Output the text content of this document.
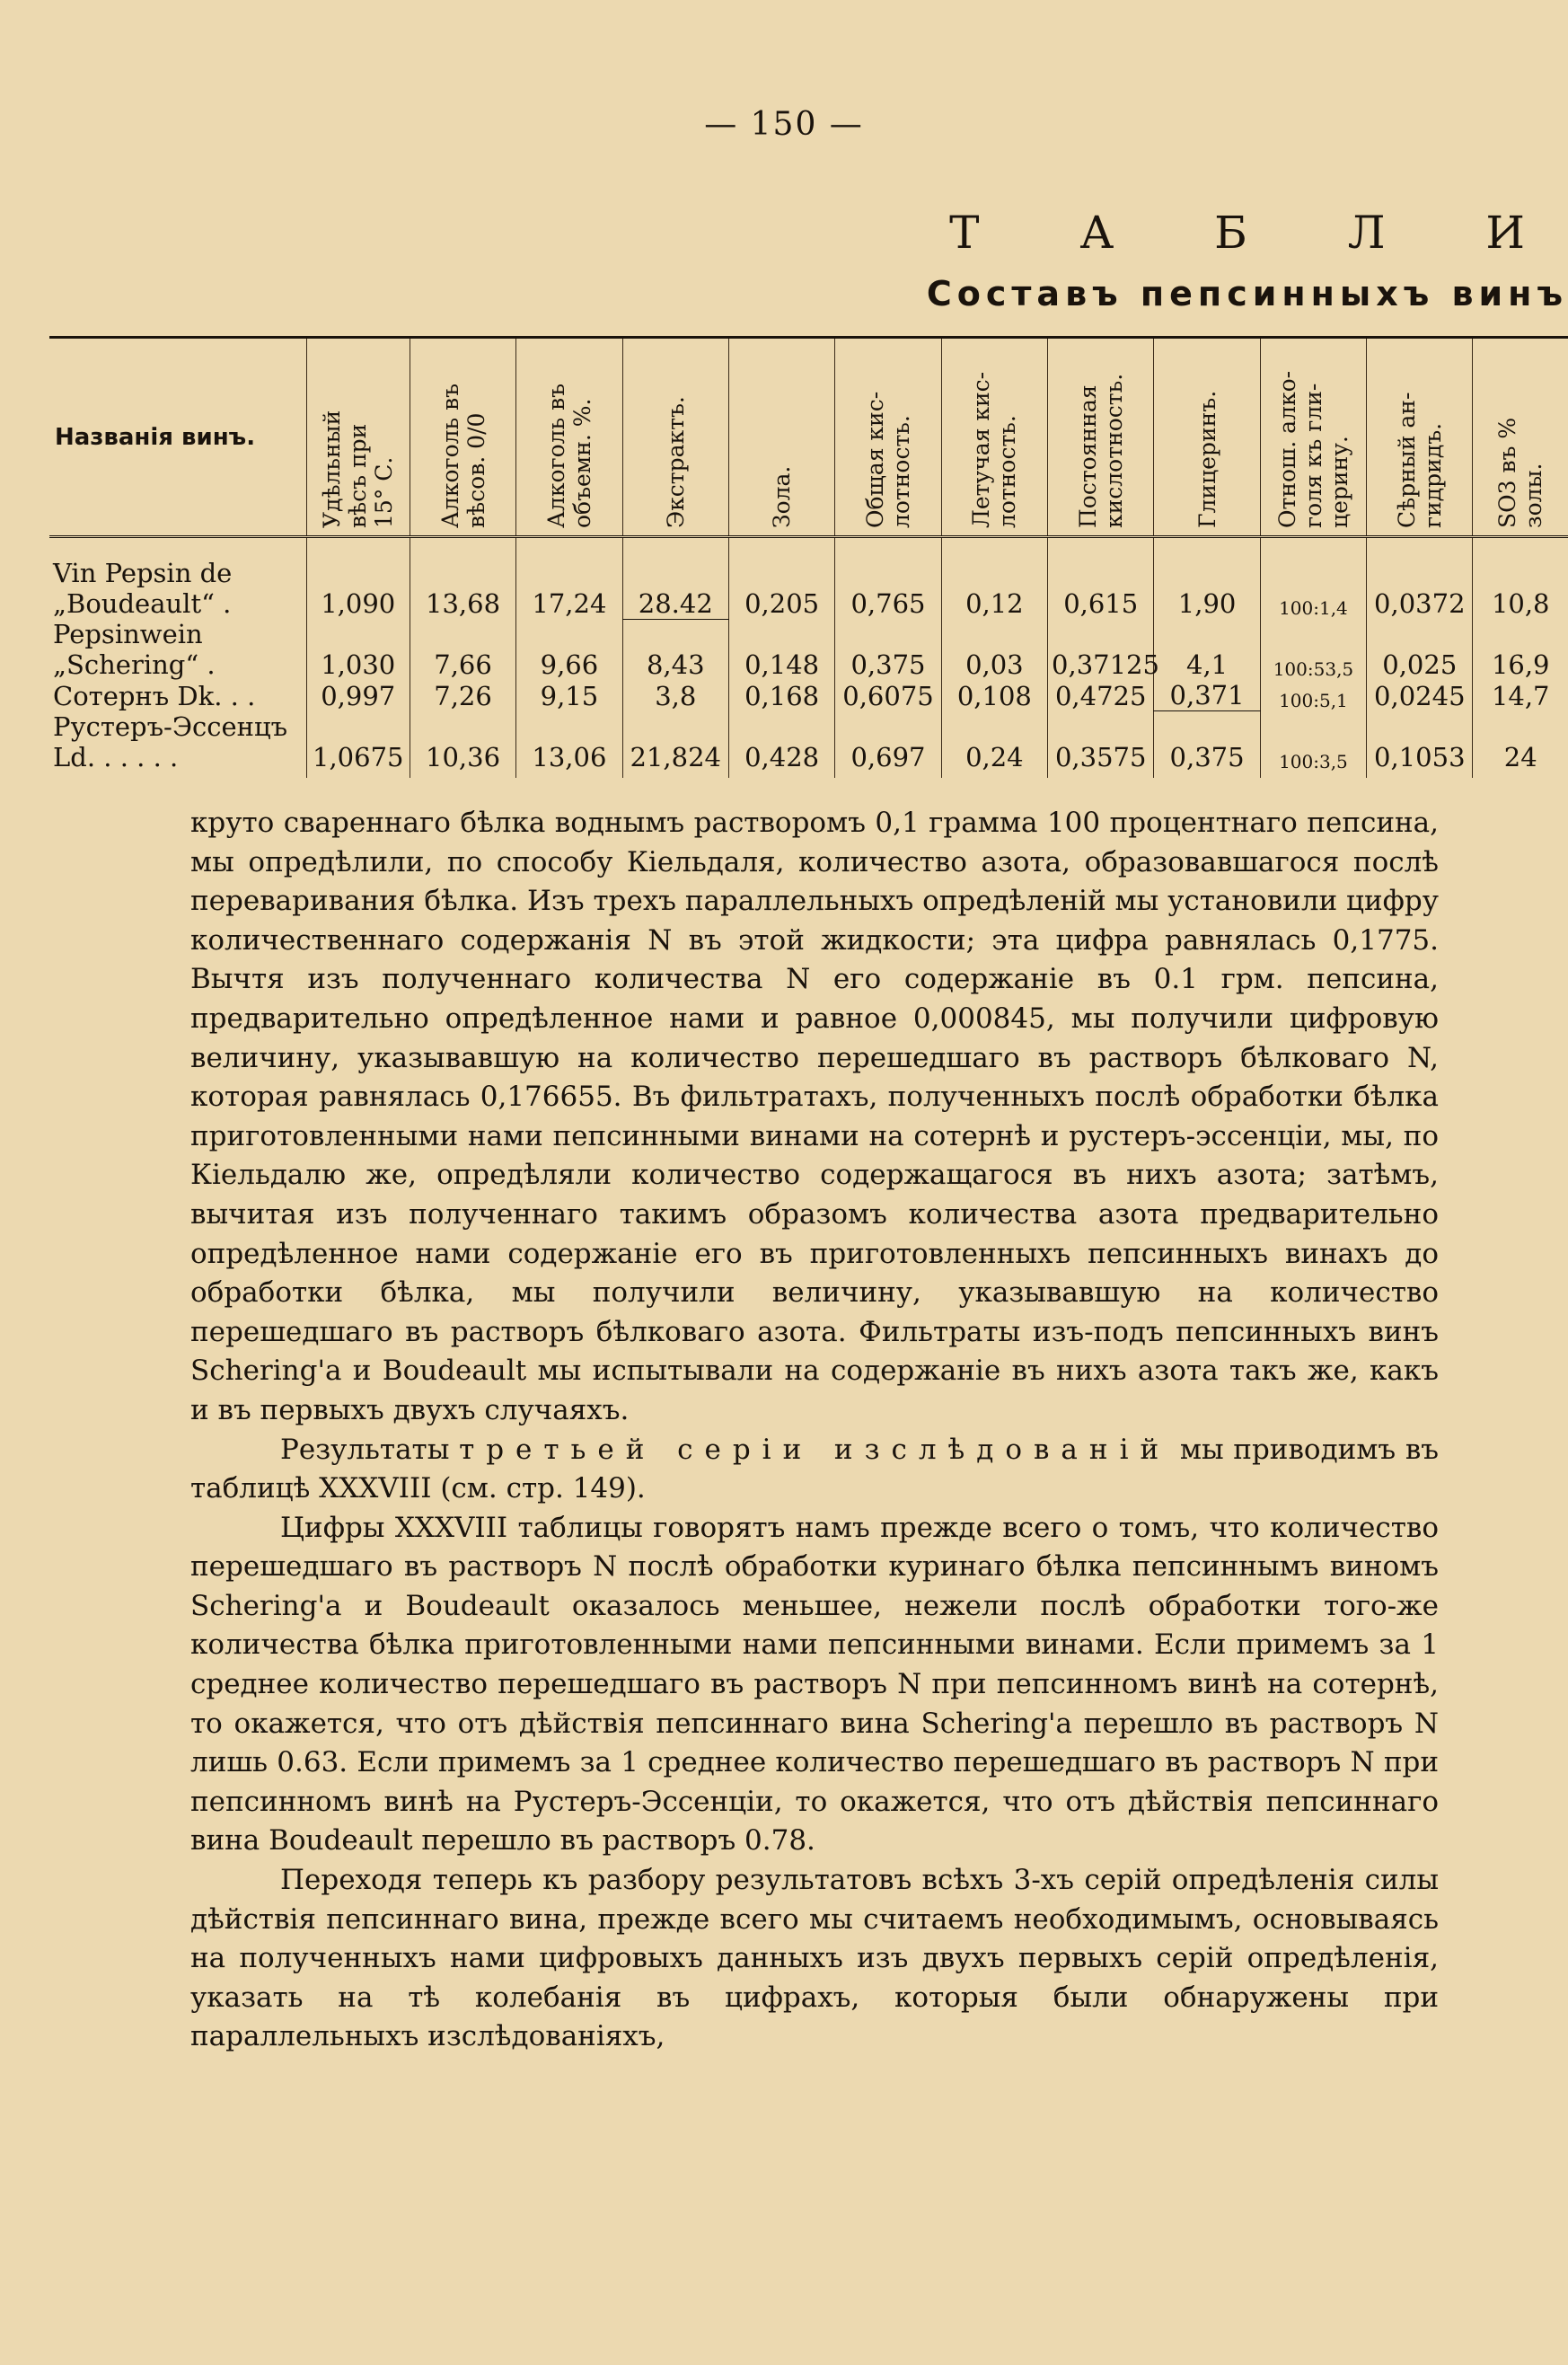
— 150 —
Т А Б Л И
Составъ пепсинныхъ винъ
Названія винъ.	Удѣльный
вѣсъ при
15° С.	Алкоголь въ
вѣсов. 0/0	Алкоголь въ
объемн. %.	Экстрактъ.	Зола.	Общая кис-
лотность.	Летучая кис-
лотность.	Постоянная
кислотность.	Глицеринъ.	Отнош. алко-
голя къ гли-
церину.	Сѣрный ан-
гидридъ.	SO3 въ %
золы.
Vin Pepsin de „Boudeault“ .	1,090	13,68	17,24	28.42	0,205	0,765	0,12	0,615	1,90	100:1,4	0,0372	10,8
Pepsinwein „Schering“ .	1,030	7,66	9,66	8,43	0,148	0,375	0,03	0,37125	4,1	100:53,5	0,025	16,9
Сотернъ Dk. . .	0,997	7,26	9,15	3,8	0,168	0,6075	0,108	0,4725	0,371	100:5,1	0,0245	14,7
Рустеръ-Эссенцъ Ld. . . . . .	1,0675	10,36	13,06	21,824	0,428	0,697	0,24	0,3575	0,375	100:3,5	0,1053	24

круто свареннаго бѣлка воднымъ растворомъ 0,1 грамма 100 процентнаго пепсина, мы опредѣлили, по способу Кіельдаля, количество азота, образовавшагося послѣ переваривания бѣлка. Изъ трехъ параллельныхъ опредѣленій мы установили цифру количественнаго содержанія N въ этой жидкости; эта цифра равнялась 0,1775. Вычтя изъ полученнаго количества N его содержаніе въ 0.1 грм. пепсина, предварительно опредѣленное нами и равное 0,000845, мы получили цифровую величину, указывавшую на количество перешедшаго въ растворъ бѣлковаго N, которая равнялась 0,176655. Въ фильтратахъ, полученныхъ послѣ обработки бѣлка приготовленными нами пепсинными винами на сотернѣ и рустеръ-эссенціи, мы, по Кіельдалю же, опредѣляли количество содержащагося въ нихъ азота; затѣмъ, вычитая изъ полученнаго такимъ образомъ количества азота предварительно опредѣленное нами содержаніе его въ приготовленныхъ пепсинныхъ винахъ до обработки бѣлка, мы получили величину, указывавшую на количество перешедшаго въ растворъ бѣлковаго азота. Фильтраты изъ-подъ пепсинныхъ винъ Schering'а и Boudeault мы испытывали на содержаніе въ нихъ азота такъ же, какъ и въ первыхъ двухъ случаяхъ.

Результаты третьей серіи изслѣдованій мы приводимъ въ таблицѣ XXXVIII (см. стр. 149).

Цифры XXXVIII таблицы говорятъ намъ прежде всего о томъ, что количество перешедшаго въ растворъ N послѣ обработки куринаго бѣлка пепсиннымъ виномъ Schering'а и Boudeault оказалось меньшее, нежели послѣ обработки того-же количества бѣлка приготовленными нами пепсинными винами. Если примемъ за 1 среднее количество перешедшаго въ растворъ N при пепсинномъ винѣ на сотернѣ, то окажется, что отъ дѣйствія пепсиннаго вина Schering'а перешло въ растворъ N лишь 0.63. Если примемъ за 1 среднее количество перешедшаго въ растворъ N при пепсинномъ винѣ на Рустеръ-Эссенціи, то окажется, что отъ дѣйствія пепсиннаго вина Boudeault перешло въ растворъ 0.78.

Переходя теперь къ разбору результатовъ всѣхъ 3-хъ серій опредѣленія силы дѣйствія пепсиннаго вина, прежде всего мы считаемъ необходимымъ, основываясь на полученныхъ нами цифровыхъ данныхъ изъ двухъ первыхъ серій опредѣленія, указать на тѣ колебанія въ цифрахъ, которыя были обнаружены при параллельныхъ изслѣдованіяхъ,
